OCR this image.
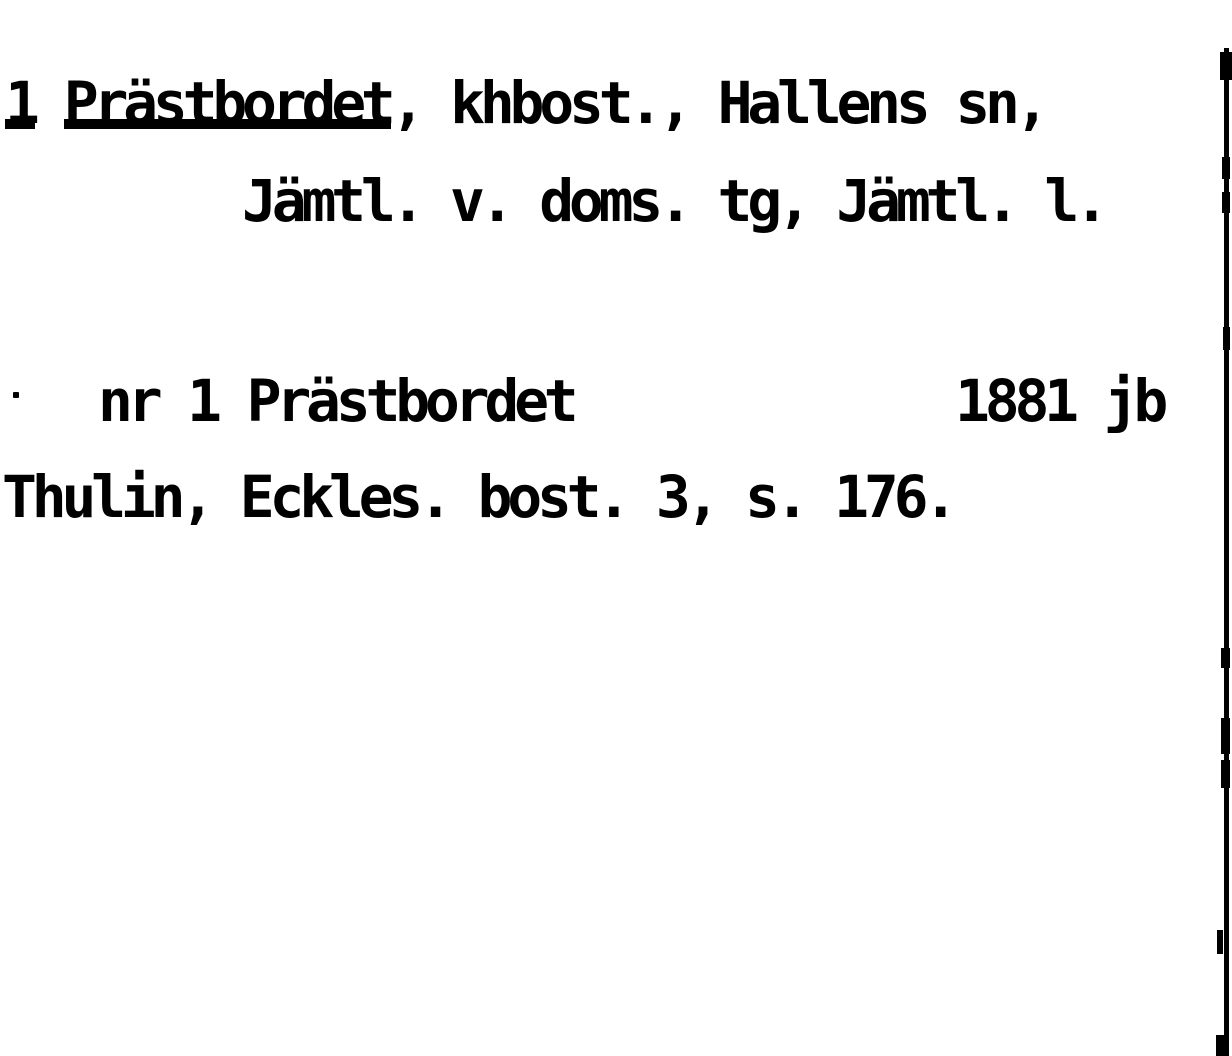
1 Prästbordet, khbost., Hallens sn,

Jämtl. v. doms. tg, Jämtl. l.

nr 1 Prästbordet

	1881 jb

Thulin, Eckles. bost. 3, s. 176.
